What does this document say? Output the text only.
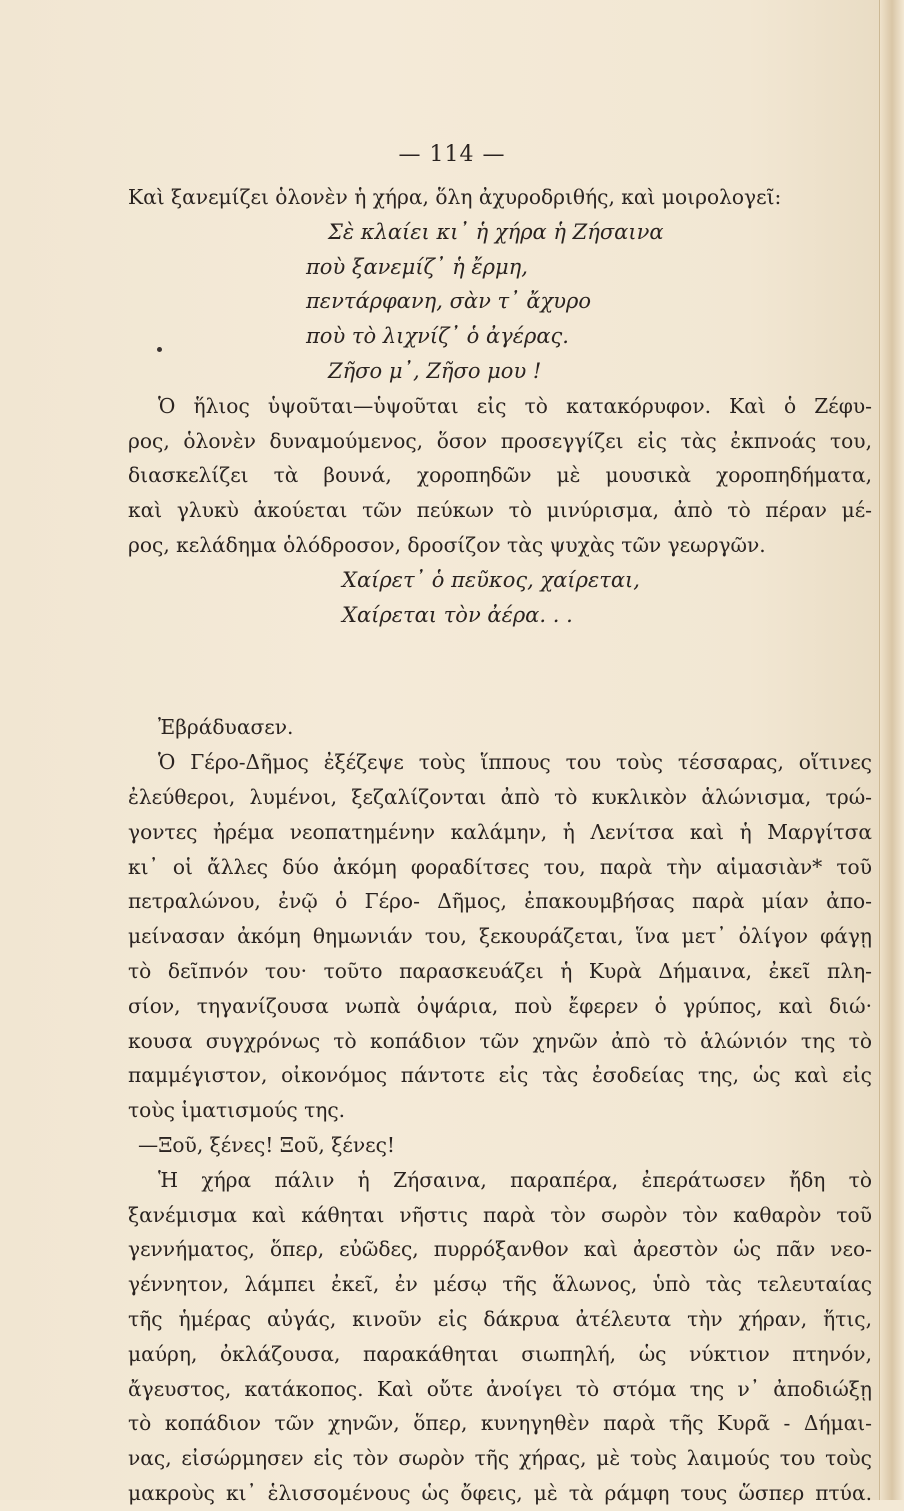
— 114 —
Καὶ ξανεμίζει ὁλονὲν ἡ χήρα, ὅλη ἀχυροδριθής, καὶ μοιρολογεῖ:
Σὲ κλαίει κι᾿ ἡ χήρα ἡ Ζήσαινα
ποὺ ξανεμίζ᾿ ἡ ἔρμη,
πεντάρφανη, σὰν τ᾿ ἄχυρο
ποὺ τὸ λιχνίζ᾿ ὁ ἀγέρας.
Ζῆσο μ᾿, Ζῆσο μου !
Ὁ ἥλιος ὑψοῦται—ὑψοῦται εἰς τὸ κατακόρυφον. Καὶ ὁ Ζέφυ-
ρος, ὁλονὲν δυναμούμενος, ὅσον προσεγγίζει εἰς τὰς ἐκπνοάς του,
διασκελίζει τὰ βουνά, χοροπηδῶν μὲ μουσικὰ χοροπηδήματα,
καὶ γλυκὺ ἀκούεται τῶν πεύκων τὸ μινύρισμα, ἀπὸ τὸ πέραν μέ-
ρος, κελάδημα ὁλόδροσον, δροσίζον τὰς ψυχὰς τῶν γεωργῶν.
Χαίρετ᾿ ὁ πεῦκος, χαίρεται,
Χαίρεται τὸν ἀέρα. . .
Ἐβράδυασεν.
Ὁ Γέρο-Δῆμος ἐξέζεψε τοὺς ἵππους του τοὺς τέσσαρας, οἵτινες
ἐλεύθεροι, λυμένοι, ξεζαλίζονται ἀπὸ τὸ κυκλικὸν ἁλώνισμα, τρώ-
γοντες ἠρέμα νεοπατημένην καλάμην, ἡ Λενίτσα καὶ ἡ Μαργίτσα
κι᾿ οἱ ἄλλες δύο ἀκόμη φοραδίτσες του, παρὰ τὴν αἱμασιὰν* τοῦ
πετραλώνου, ἐνῷ ὁ Γέρο- Δῆμος, ἐπακουμβήσας παρὰ μίαν ἀπο-
μείνασαν ἀκόμη θημωνιάν του, ξεκουράζεται, ἵνα μετ᾿ ὀλίγον φάγῃ
τὸ δεῖπνόν του· τοῦτο παρασκευάζει ἡ Κυρὰ Δήμαινα, ἐκεῖ πλη-
σίον, τηγανίζουσα νωπὰ ὀψάρια, ποὺ ἔφερεν ὁ γρύπος, καὶ διώ·
κουσα συγχρόνως τὸ κοπάδιον τῶν χηνῶν ἀπὸ τὸ ἁλώνιόν της τὸ
παμμέγιστον, οἰκονόμος πάντοτε εἰς τὰς ἐσοδείας της, ὡς καὶ εἰς
τοὺς ἱματισμούς της.
—Ξοῦ, ξένες! Ξοῦ, ξένες!
Ἡ χήρα πάλιν ἡ Ζήσαινα, παραπέρα, ἐπεράτωσεν ἤδη τὸ
ξανέμισμα καὶ κάθηται νῆστις παρὰ τὸν σωρὸν τὸν καθαρὸν τοῦ
γεννήματος, ὅπερ, εὐῶδες, πυρρόξανθον καὶ ἀρεστὸν ὡς πᾶν νεο-
γέννητον, λάμπει ἐκεῖ, ἐν μέσῳ τῆς ἅλωνος, ὑπὸ τὰς τελευταίας
τῆς ἡμέρας αὐγάς, κινοῦν εἰς δάκρυα ἀτέλευτα τὴν χήραν, ἥτις,
μαύρη, ὀκλάζουσα, παρακάθηται σιωπηλή, ὡς νύκτιον πτηνόν,
ἄγευστος, κατάκοπος. Καὶ οὔτε ἀνοίγει τὸ στόμα της ν᾿ ἀποδιώξῃ
τὸ κοπάδιον τῶν χηνῶν, ὅπερ, κυνηγηθὲν παρὰ τῆς Κυρᾶ - Δήμαι-
νας, εἰσώρμησεν εἰς τὸν σωρὸν τῆς χήρας, μὲ τοὺς λαιμούς του τοὺς
μακροὺς κι᾿ ἑλισσομένους ὡς ὄφεις, μὲ τὰ ράμφη τους ὥσπερ πτύα.
